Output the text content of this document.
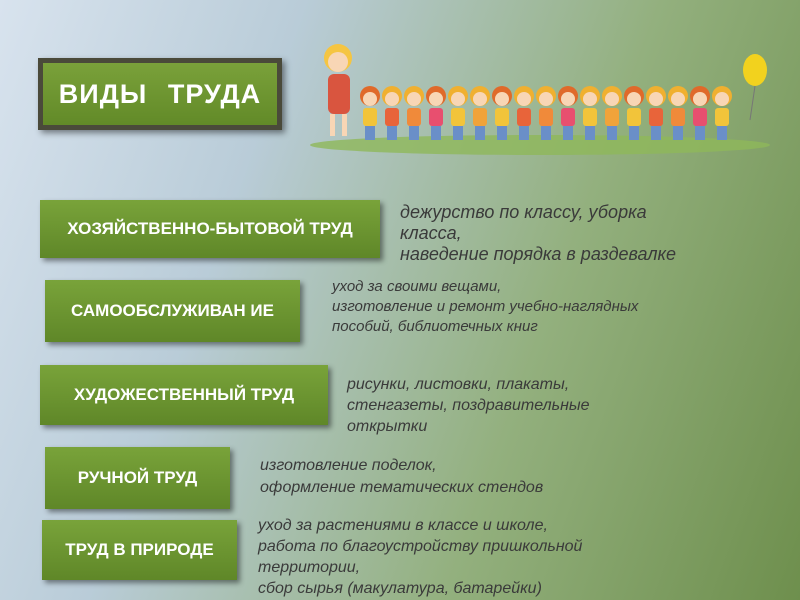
ВИДЫ ТРУДА
ХОЗЯЙСТВЕННО-БЫТОВОЙ ТРУД
дежурство по классу, уборка
класса,
наведение порядка в раздевалке
САМООБСЛУЖИВАН ИЕ
уход за своими вещами,
изготовление и ремонт учебно-наглядных
пособий, библиотечных книг
ХУДОЖЕСТВЕННЫЙ ТРУД
рисунки, листовки, плакаты,
стенгазеты, поздравительные
открытки
РУЧНОЙ ТРУД
изготовление поделок,
оформление тематических стендов
ТРУД В ПРИРОДЕ
уход за растениями в классе и школе,
работа по благоустройству пришкольной
территории,
сбор сырья (макулатура, батарейки)
